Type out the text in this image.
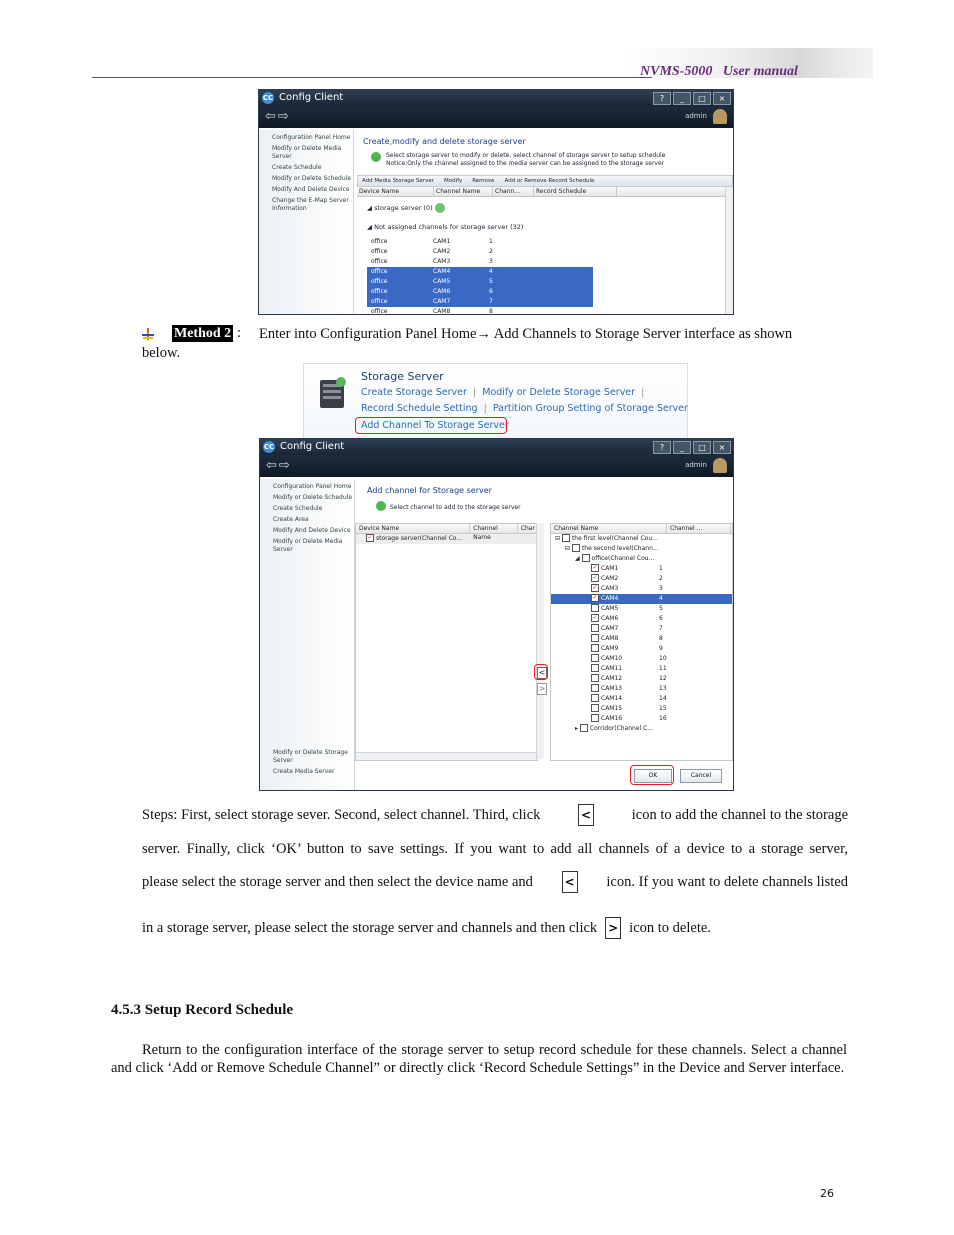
NVMS-5000 User manual
CC Config Client	?	_	□	×
⇦⇨	admin
Configuration Panel Home
Modify or Delete Media Server
Create Schedule
Modify or Delete Schedule
Modify And Delete Device
Change the E-Map Server Information
Create,modify and delete storage server
Select storage server to modify or delete, select channel of storage server to setup schedule
Notice:Only the channel assigned to the media server can be assigned to the storage server
Add Media Storage Server Modify Remove Add or Remove Record Schedule
Device Name	Channel Name	Chann...	Record Schedule
◢ storage server (0)
◢ Not assigned channels for storage server (32)
office	CAM1	1
office	CAM2	2
office	CAM3	3
office	CAM4	4
office	CAM5	5
office	CAM6	6
office	CAM7	7
office	CAM8	8
Method 2 : Enter into Configuration Panel Home→ Add Channels to Storage Server interface as shown
below.
Storage Server
Create Storage Server  |  Modify or Delete Storage Server  |
Record Schedule Setting  |  Partition Group Setting of Storage Server
Add Channel To Storage Server
CC Config Client	?	_	□	×
⇦⇨	admin
Configuration Panel Home
Modify or Delete Schedule
Create Schedule
Create Area
Modify And Delete Device
Modify or Delete Media Server
Modify or Delete Storage Server
Create Media Server
Add channel for Storage server
Select channel to add to the storage server
Device Name	Channel Name
Char
✓ storage server(Channel Co...
<
>
Channel Name	Channel ...
⊟ the first level(Channel Cou...
⊟ the second level(Chann...
◢ office(Channel Cou...
✓ CAM1	1
✓ CAM2	2
✓ CAM3	3
✓ CAM4	4
CAM5	5
✓ CAM6	6
CAM7	7
CAM8	8
CAM9	9
CAM10	10
CAM11	11
CAM12	12
CAM13	13
CAM14	14
CAM15	15
CAM16	16
▸ Corridor(Channel C...
OK	Cancel
Steps: First, select storage sever. Second, select channel. Third, click	<	icon to add the channel to the storage
server. Finally, click ‘OK’ button to save settings. If you want to add all channels of a device to a storage server,
please select the storage server and then select the device name and	< icon. If you want to delete channels listed
in a storage server, please select the storage server and channels and then click > icon to delete.
4.5.3 Setup Record Schedule
Return to the configuration interface of the storage server to setup record schedule for these channels. Select a channel and click ‘Add or Remove Schedule Channel” or directly click ‘Record Schedule Settings” in the Device and Server interface.
26
